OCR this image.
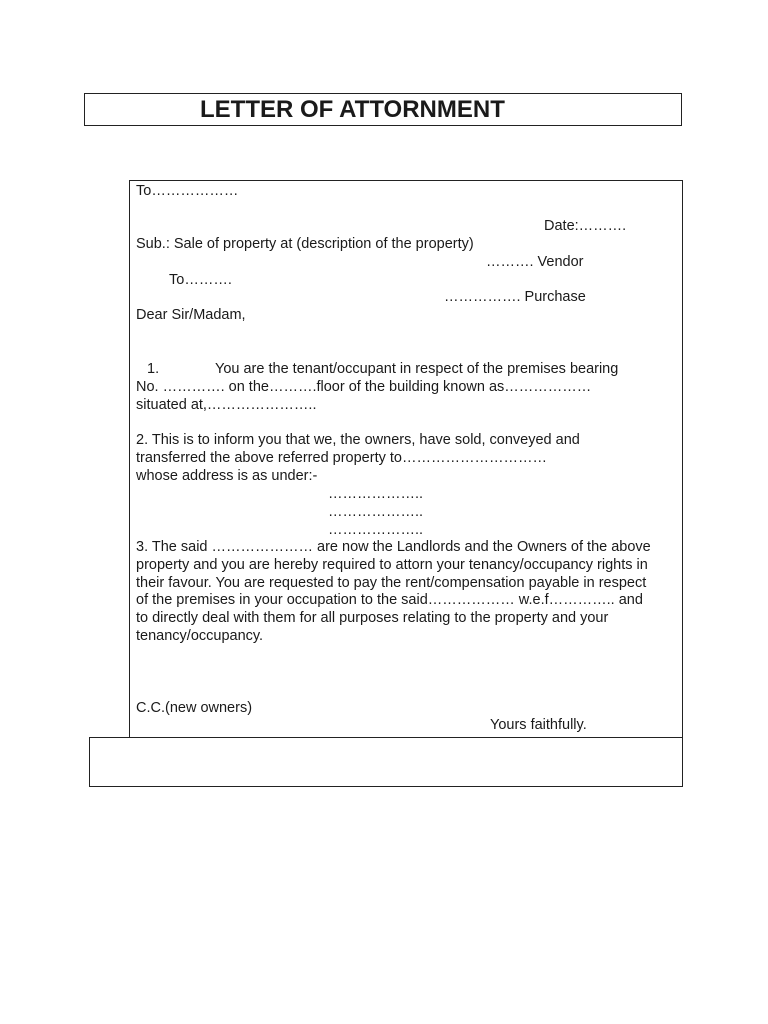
LETTER OF ATTORNMENT
To………………
Date:……….
Sub.: Sale of property at (description of the property)
………. Vendor
To……….
……………. Purchase
Dear Sir/Madam,
1.	You are the tenant/occupant in respect of the premises bearing
No. …………. on the……….floor of the building known as………………
situated at,…………………..
2. This is to inform you that we, the owners, have sold, conveyed and
transferred the above referred property to…………………………
whose address is as under:-
………………..
………………..
………………..
3. The said ………………… are now the Landlords and the Owners of the above
property and you are hereby required to attorn your tenancy/occupancy rights in
their favour. You are requested to pay the rent/compensation payable in respect
of the premises in your occupation to the said……………… w.e.f………….. and
to directly deal with them for all purposes relating to the property and your
tenancy/occupancy.
C.C.(new owners)
Yours faithfully.
